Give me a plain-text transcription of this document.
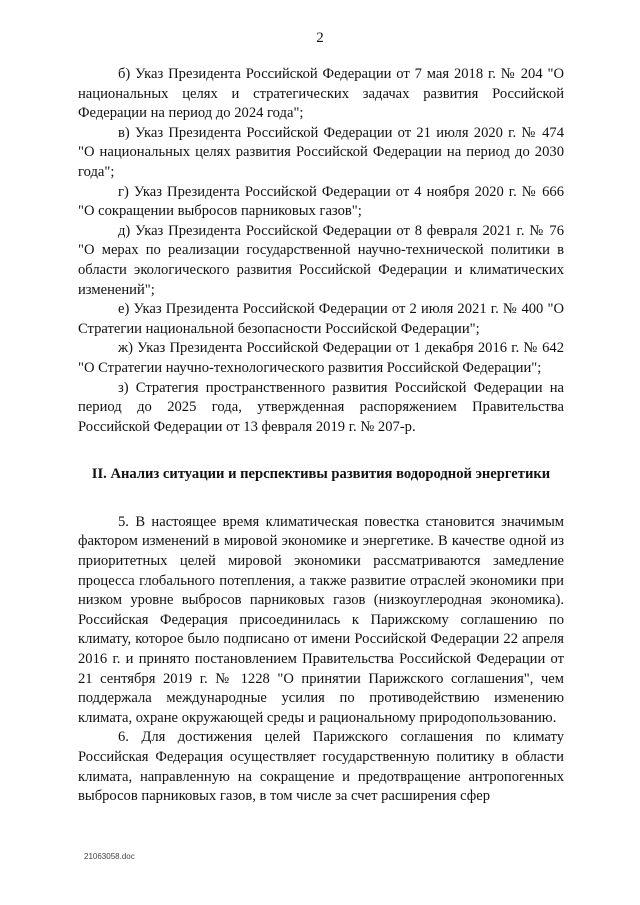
2

б) Указ Президента Российской Федерации от 7 мая 2018 г. № 204 "О национальных целях и стратегических задачах развития Российской Федерации на период до 2024 года";

в) Указ Президента Российской Федерации от 21 июля 2020 г. № 474 "О национальных целях развития Российской Федерации на период до 2030 года";

г) Указ Президента Российской Федерации от 4 ноября 2020 г. № 666 "О сокращении выбросов парниковых газов";

д) Указ Президента Российской Федерации от 8 февраля 2021 г. № 76 "О мерах по реализации государственной научно-технической политики в области экологического развития Российской Федерации и климатических изменений";

е) Указ Президента Российской Федерации от 2 июля 2021 г. № 400 "О Стратегии национальной безопасности Российской Федерации";

ж) Указ Президента Российской Федерации от 1 декабря 2016 г. № 642 "О Стратегии научно-технологического развития Российской Федерации";

з) Стратегия пространственного развития Российской Федерации на период до 2025 года, утвержденная распоряжением Правительства Российской Федерации от 13 февраля 2019 г. № 207-р.

II. Анализ ситуации и перспективы развития водородной энергетики

5. В настоящее время климатическая повестка становится значимым фактором изменений в мировой экономике и энергетике. В качестве одной из приоритетных целей мировой экономики рассматриваются замедление процесса глобального потепления, а также развитие отраслей экономики при низком уровне выбросов парниковых газов (низкоуглеродная экономика). Российская Федерация присоединилась к Парижскому соглашению по климату, которое было подписано от имени Российской Федерации 22 апреля 2016 г. и принято постановлением Правительства Российской Федерации от 21 сентября 2019 г. № 1228 "О принятии Парижского соглашения", чем поддержала международные усилия по противодействию изменению климата, охране окружающей среды и рациональному природопользованию.

6. Для достижения целей Парижского соглашения по климату Российская Федерация осуществляет государственную политику в области климата, направленную на сокращение и предотвращение антропогенных выбросов парниковых газов, в том числе за счет расширения сфер

21063058.doc
